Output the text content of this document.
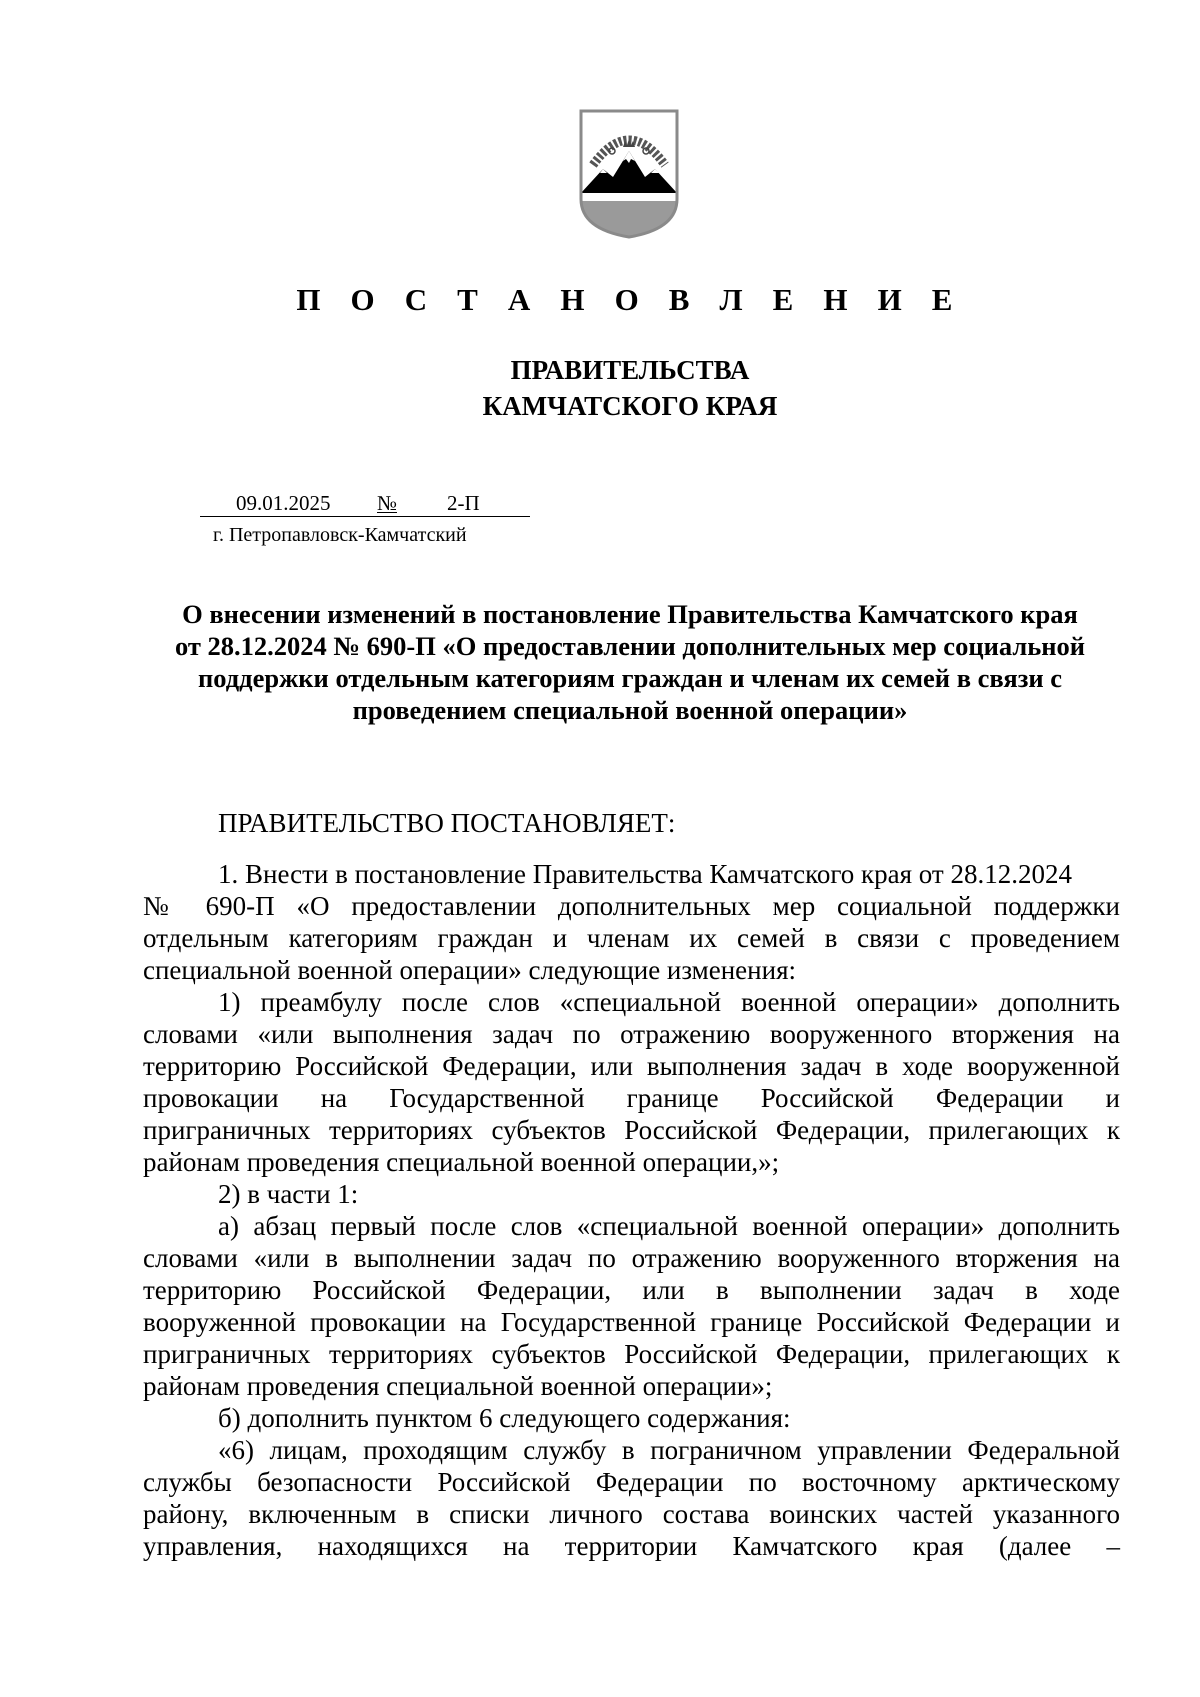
П О С Т А Н О В Л Е Н И Е
ПРАВИТЕЛЬСТВА
КАМЧАТСКОГО КРАЯ
09.01.2025 № 2-П
г. Петропавловск-Камчатский
О внесении изменений в постановление Правительства Камчатского края
от 28.12.2024 № 690-П «О предоставлении дополнительных мер социальной
поддержки отдельным категориям граждан и членам их семей в связи с
проведением специальной военной операции»
ПРАВИТЕЛЬСТВО ПОСТАНОВЛЯЕТ:
1. Внести в постановление Правительства Камчатского края от 28.12.2024
№ 690-П «О предоставлении дополнительных мер социальной поддержки
отдельным категориям граждан и членам их семей в связи с проведением
специальной военной операции» следующие изменения:
1) преамбулу после слов «специальной военной операции» дополнить
словами «или выполнения задач по отражению вооруженного вторжения на
территорию Российской Федерации, или выполнения задач в ходе вооруженной
провокации на Государственной границе Российской Федерации и
приграничных территориях субъектов Российской Федерации, прилегающих к
районам проведения специальной военной операции,»;
2) в части 1:
а) абзац первый после слов «специальной военной операции» дополнить
словами «или в выполнении задач по отражению вооруженного вторжения на
территорию Российской Федерации, или в выполнении задач в ходе
вооруженной провокации на Государственной границе Российской Федерации и
приграничных территориях субъектов Российской Федерации, прилегающих к
районам проведения специальной военной операции»;
б) дополнить пунктом 6 следующего содержания:
«6) лицам, проходящим службу в пограничном управлении Федеральной
службы безопасности Российской Федерации по восточному арктическому
району, включенным в списки личного состава воинских частей указанного
управления, находящихся на территории Камчатского края (далее –
